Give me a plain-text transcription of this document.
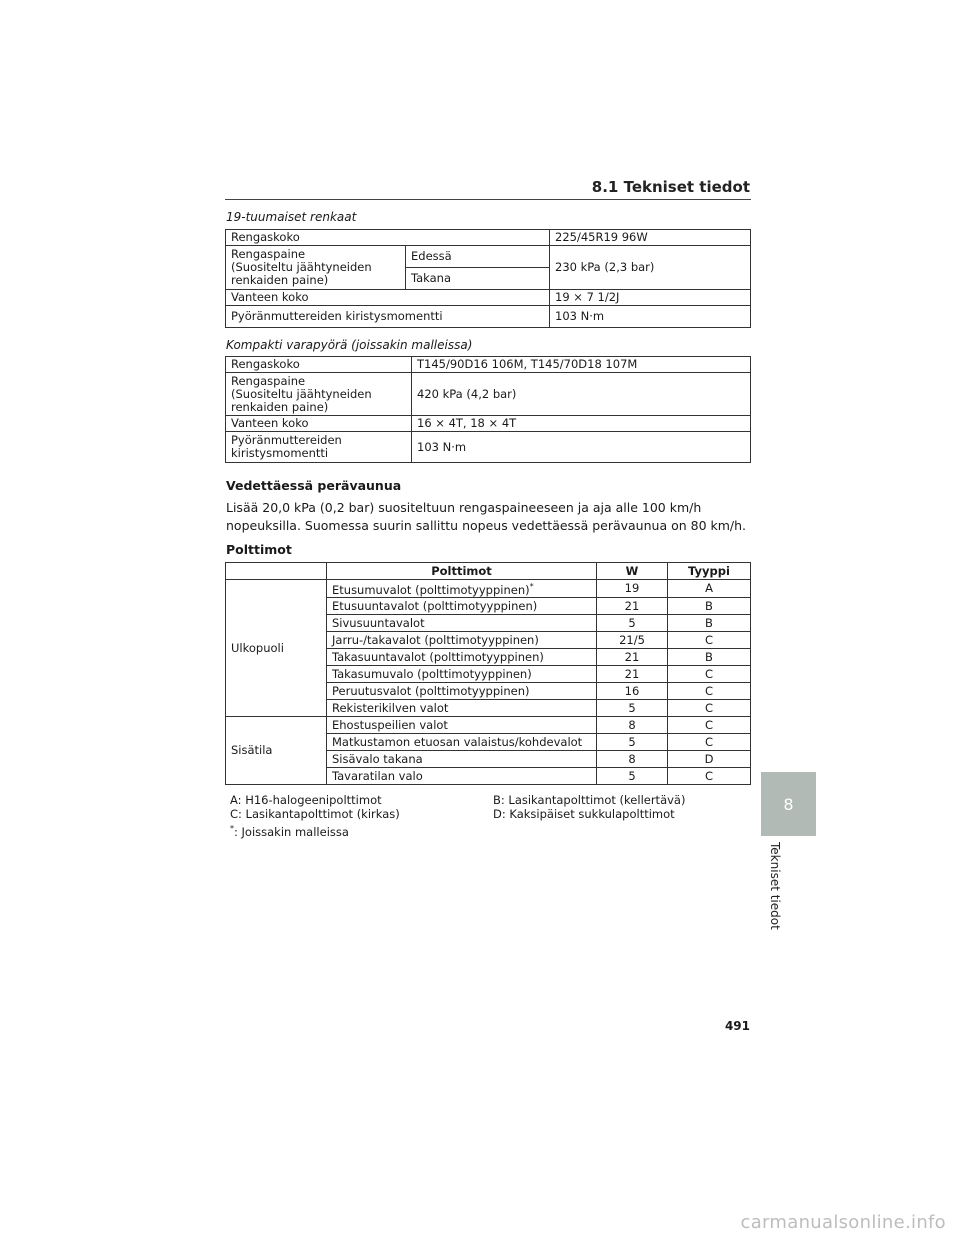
8.1 Tekniset tiedot
19-tuumaiset renkaat
Rengaskoko		225/45R19 96W
Rengaspaine
(Suositeltu jäähtyneiden
renkaiden paine)	Edessä	230 kPa (2,3 bar)
	Takana	
Vanteen koko		19 × 7 1/2J
Pyöränmuttereiden kiristysmomentti		103 N·m
Kompakti varapyörä (joissakin malleissa)
Rengaskoko	T145/90D16 106M, T145/70D18 107M
Rengaspaine
(Suositeltu jäähtyneiden
renkaiden paine)	420 kPa (4,2 bar)
Vanteen koko	16 × 4T, 18 × 4T
Pyöränmuttereiden
kiristysmomentti	103 N·m
Vedettäessä perävaunua
Lisää 20,0 kPa (0,2 bar) suositeltuun rengaspaineeseen ja aja alle 100 km/h nopeuksilla. Suomessa suurin sallittu nopeus vedettäessä perävaunua on 80 km/h.
Polttimot
	Polttimot	W	Tyyppi
Ulkopuoli	Etusumuvalot (polttimotyyppinen)*	19	A
	Etusuuntavalot (polttimotyyppinen)	21	B
	Sivusuuntavalot	5	B
	Jarru-/takavalot (polttimotyyppinen)	21/5	C
	Takasuuntavalot (polttimotyyppinen)	21	B
	Takasumuvalo (polttimotyyppinen)	21	C
	Peruutusvalot (polttimotyyppinen)	16	C
	Rekisterikilven valot	5	C
Sisätila	Ehostuspeilien valot	8	C
	Matkustamon etuosan valaistus/kohdevalot	5	C
	Sisävalo takana	8	D
	Tavaratilan valo	5	C
A: H16-halogeenipolttimot	B: Lasikantapolttimot (kellertävä)
C: Lasikantapolttimot (kirkas)	D: Kaksipäiset sukkulapolttimot
*: Joissakin malleissa
8
Tekniset tiedot
491
carmanualsonline.info
